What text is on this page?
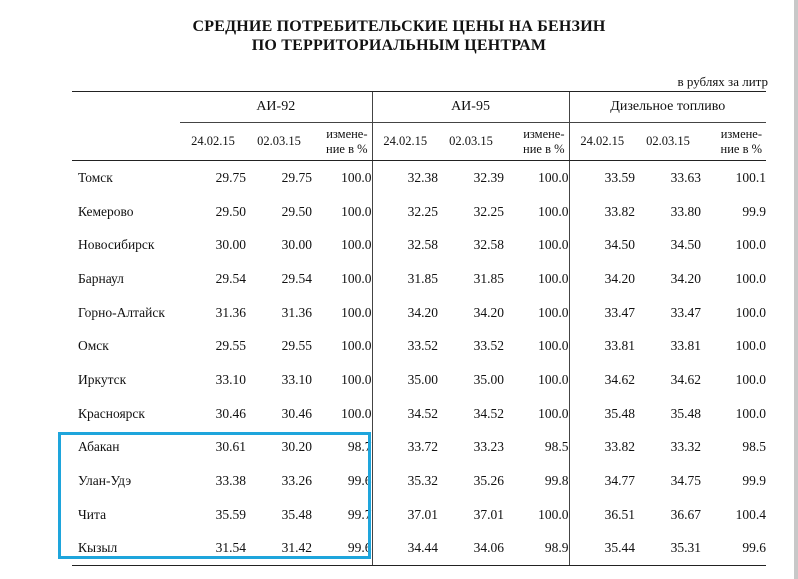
СРЕДНИЕ ПОТРЕБИТЕЛЬСКИЕ ЦЕНЫ НА БЕНЗИН
ПО ТЕРРИТОРИАЛЬНЫМ ЦЕНТРАМ
в рублях за литр
	АИ-92			АИ-95			Дизельное топливо		
	24.02.15	02.03.15	измене-
ние в %	24.02.15	02.03.15	измене-
ние в %	24.02.15	02.03.15	измене-
ние в %
Томск	29.75	29.75	100.0	32.38	32.39	100.0	33.59	33.63	100.1
Кемерово	29.50	29.50	100.0	32.25	32.25	100.0	33.82	33.80	99.9
Новосибирск	30.00	30.00	100.0	32.58	32.58	100.0	34.50	34.50	100.0
Барнаул	29.54	29.54	100.0	31.85	31.85	100.0	34.20	34.20	100.0
Горно-Алтайск	31.36	31.36	100.0	34.20	34.20	100.0	33.47	33.47	100.0
Омск	29.55	29.55	100.0	33.52	33.52	100.0	33.81	33.81	100.0
Иркутск	33.10	33.10	100.0	35.00	35.00	100.0	34.62	34.62	100.0
Красноярск	30.46	30.46	100.0	34.52	34.52	100.0	35.48	35.48	100.0
Абакан	30.61	30.20	98.7	33.72	33.23	98.5	33.82	33.32	98.5
Улан-Удэ	33.38	33.26	99.6	35.32	35.26	99.8	34.77	34.75	99.9
Чита	35.59	35.48	99.7	37.01	37.01	100.0	36.51	36.67	100.4
Кызыл	31.54	31.42	99.6	34.44	34.06	98.9	35.44	35.31	99.6
